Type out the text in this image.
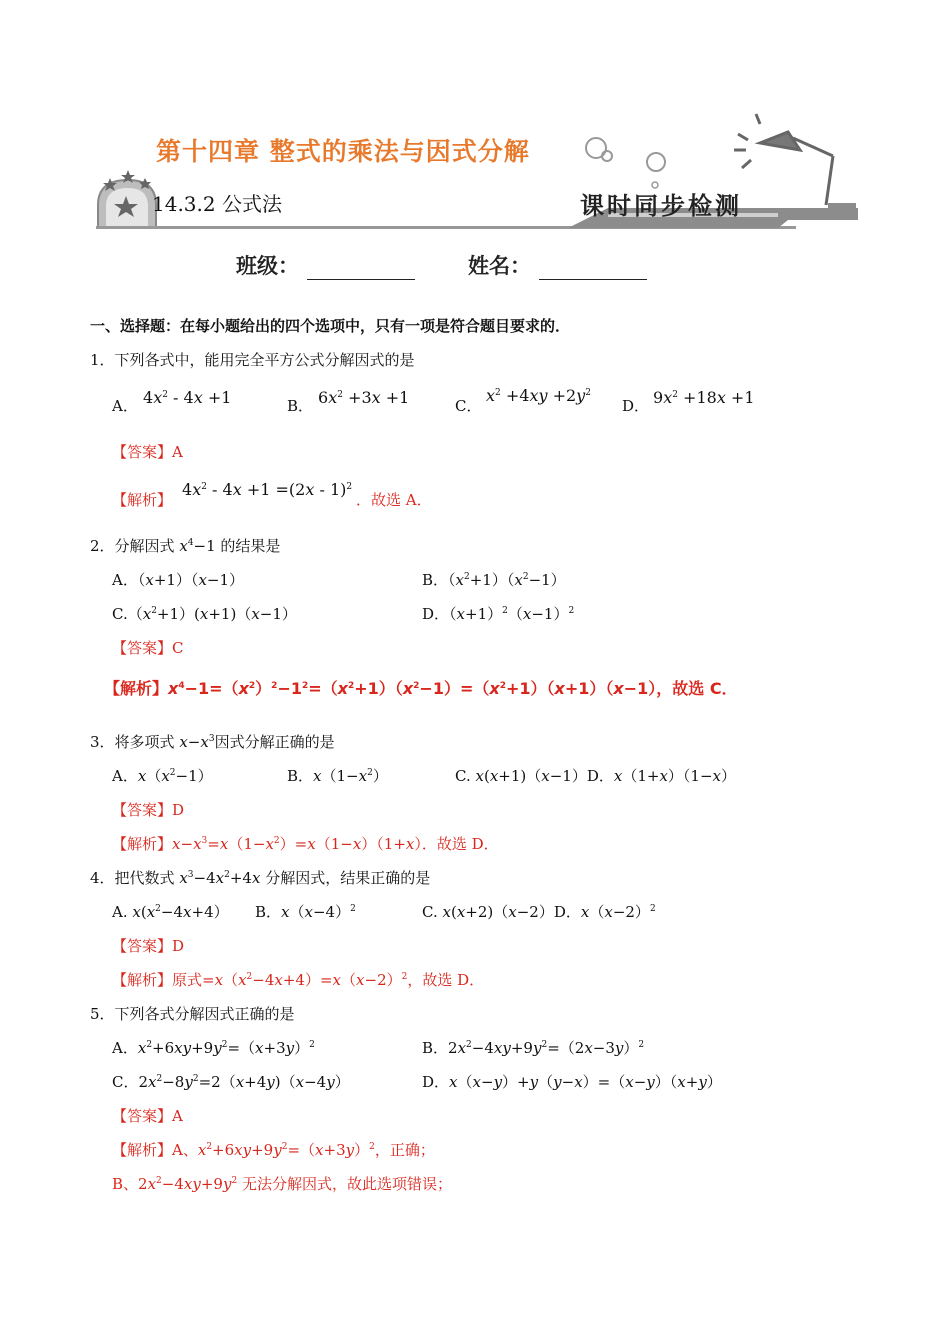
第十四章 整式的乘法与因式分解
14.3.2 公式法	课时同步检测
班级：	姓名：
一、选择题：在每小题给出的四个选项中，只有一项是符合题目要求的．
1．下列各式中，能用完全平方公式分解因式的是
A． $4x^2 - 4x +1$	B． $6x^2 +3x +1$	C．
$x^2 +4xy +2y^2$
D． $9x^2 +18x +1$
【答案】A
【解析】
$4x^2 - 4x +1 =(2x - 1)^2$
．故选 A．
2．分解因式 $x^4-1$ 的结果是
A．（x+1）（x−1）	B．$(x^2+1)(x^2-1)$
$C.(x^2+1)(x+1)(x-1)$	D．$(x+1)^2(x-1)^2$
【答案】C
【解析】$x^4-1=(x^2)^2-1^2=(x^2+1)(x^2-1)=(x^2+1)(x+1)(x-1)$，故选 C．
3．将多项式 $x-x^3$因式分解正确的是
A．$x(x^2-1)$	B．$x(1-x^2)$	C. x(x+1)（x−1）D．x（1+x）（1−x）
【答案】D
【解析】$x-x^3=x(1-x^2)=x(1-x)(1+x)$．故选 D．
4．把代数式 $x^3-4x^2+4x$ 分解因式，结果正确的是
A. $x(x^2-4x+4)$ B．$x(x-4)^2$	C. x(x+2)（x−2）D．$x(x-2)^2$
【答案】D
【解析】原式$=x(x^2-4x+4)=x(x-2)^2$，故选 D．
5．下列各式分解因式正确的是
A．$x^2+6xy+9y^2=(x+3y)^2$	B．$2x^2-4xy+9y^2=(2x-3y)^2$
C．$2x^2-8y^2=2(x+4y)(x-4y)$	D．x（x−y）+y（y−x）=（x−y）（x+y）
【答案】A
【解析】A、$x^2+6xy+9y^2=(x+3y)^2$，正确；
B、$2x^2-4xy+9y^2$ 无法分解因式，故此选项错误；
